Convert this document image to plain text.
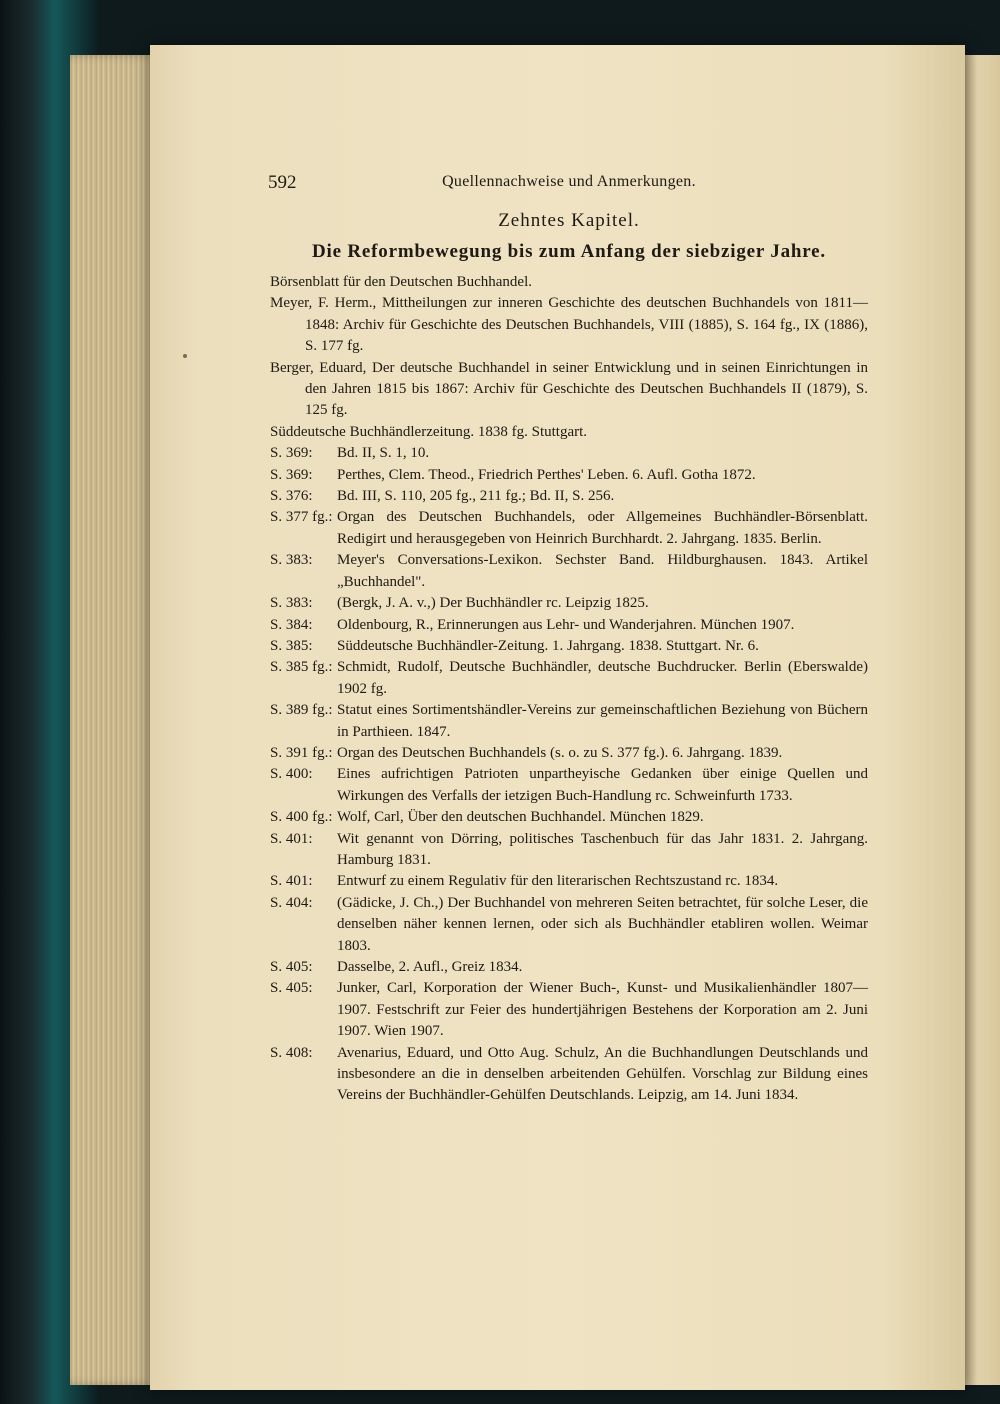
592	Quellennachweise und Anmerkungen.
Zehntes Kapitel.
Die Reformbewegung bis zum Anfang der siebziger Jahre.
Börsenblatt für den Deutschen Buchhandel.
Meyer, F. Herm., Mittheilungen zur inneren Geschichte des deutschen Buchhandels von 1811—1848: Archiv für Geschichte des Deutschen Buchhandels, VIII (1885), S. 164 fg., IX (1886), S. 177 fg.
Berger, Eduard, Der deutsche Buchhandel in seiner Entwicklung und in seinen Einrichtungen in den Jahren 1815 bis 1867: Archiv für Geschichte des Deutschen Buchhandels II (1879), S. 125 fg.
Süddeutsche Buchhändlerzeitung. 1838 fg. Stuttgart.
S. 369:	Bd. II, S. 1, 10.
S. 369:	Perthes, Clem. Theod., Friedrich Perthes' Leben. 6. Aufl. Gotha 1872.
S. 376:	Bd. III, S. 110, 205 fg., 211 fg.; Bd. II, S. 256.
S. 377 fg.: Organ des Deutschen Buchhandels, oder Allgemeines Buchhändler-Börsenblatt. Redigirt und herausgegeben von Heinrich Burchhardt. 2. Jahrgang. 1835. Berlin.
S. 383:	Meyer's Conversations-Lexikon. Sechster Band. Hildburghausen. 1843. Artikel „Buchhandel".
S. 383:	(Bergk, J. A. v.,) Der Buchhändler rc. Leipzig 1825.
S. 384:	Oldenbourg, R., Erinnerungen aus Lehr- und Wanderjahren. München 1907.
S. 385:	Süddeutsche Buchhändler-Zeitung. 1. Jahrgang. 1838. Stuttgart. Nr. 6.
S. 385 fg.: Schmidt, Rudolf, Deutsche Buchhändler, deutsche Buchdrucker. Berlin (Eberswalde) 1902 fg.
S. 389 fg.: Statut eines Sortimentshändler-Vereins zur gemeinschaftlichen Beziehung von Büchern in Parthieen. 1847.
S. 391 fg.: Organ des Deutschen Buchhandels (s. o. zu S. 377 fg.). 6. Jahrgang. 1839.
S. 400:	Eines aufrichtigen Patrioten unpartheyische Gedanken über einige Quellen und Wirkungen des Verfalls der ietzigen Buch-Handlung rc. Schweinfurth 1733.
S. 400 fg.: Wolf, Carl, Über den deutschen Buchhandel. München 1829.
S. 401:	Wit genannt von Dörring, politisches Taschenbuch für das Jahr 1831. 2. Jahrgang. Hamburg 1831.
S. 401:	Entwurf zu einem Regulativ für den literarischen Rechtszustand rc. 1834.
S. 404:	(Gädicke, J. Ch.,) Der Buchhandel von mehreren Seiten betrachtet, für solche Leser, die denselben näher kennen lernen, oder sich als Buchhändler etabliren wollen. Weimar 1803.
S. 405:	Dasselbe, 2. Aufl., Greiz 1834.
S. 405:	Junker, Carl, Korporation der Wiener Buch-, Kunst- und Musikalienhändler 1807—1907. Festschrift zur Feier des hundertjährigen Bestehens der Korporation am 2. Juni 1907. Wien 1907.
S. 408:	Avenarius, Eduard, und Otto Aug. Schulz, An die Buchhandlungen Deutschlands und insbesondere an die in denselben arbeitenden Gehülfen. Vorschlag zur Bildung eines Vereins der Buchhändler-Gehülfen Deutschlands. Leipzig, am 14. Juni 1834.
